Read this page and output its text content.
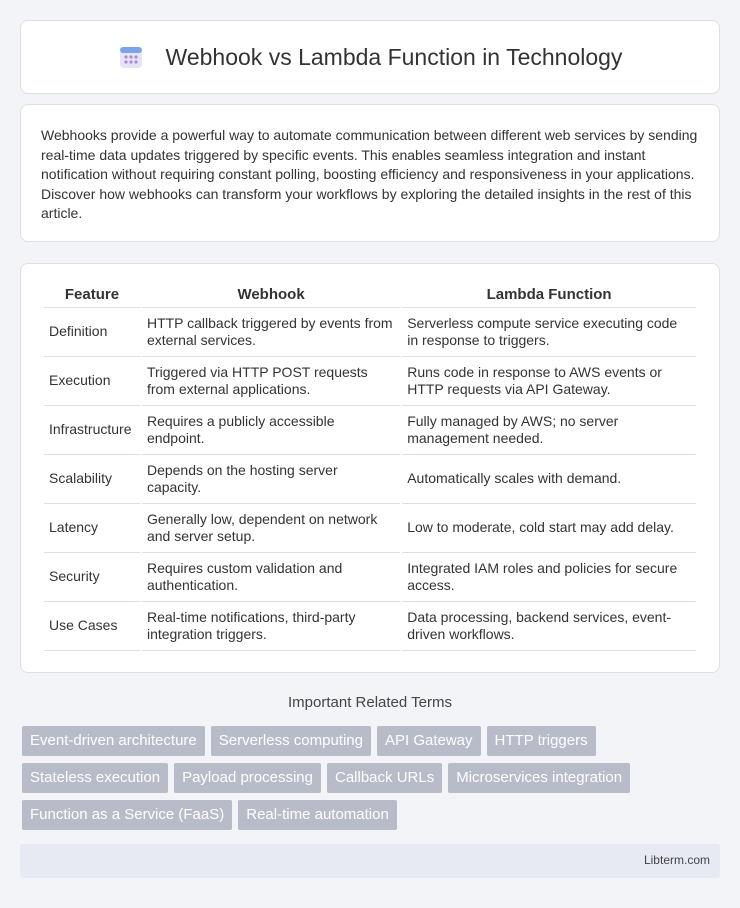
Webhook vs Lambda Function in Technology

Webhooks provide a powerful way to automate communication between different web services by sending real-time data updates triggered by specific events. This enables seamless integration and instant notification without requiring constant polling, boosting efficiency and responsiveness in your applications. Discover how webhooks can transform your workflows by exploring the detailed insights in the rest of this article.

Feature	Webhook	Lambda Function
Definition	HTTP callback triggered by events from external services.	Serverless compute service executing code in response to triggers.
Execution	Triggered via HTTP POST requests from external applications.	Runs code in response to AWS events or HTTP requests via API Gateway.
Infrastructure	Requires a publicly accessible endpoint.	Fully managed by AWS; no server management needed.
Scalability	Depends on the hosting server capacity.	Automatically scales with demand.
Latency	Generally low, dependent on network and server setup.	Low to moderate, cold start may add delay.
Security	Requires custom validation and authentication.	Integrated IAM roles and policies for secure access.
Use Cases	Real-time notifications, third-party integration triggers.	Data processing, backend services, event-driven workflows.
Important Related Terms
Event-driven architecture	Serverless computing	API Gateway	HTTP triggers
Stateless execution	Payload processing	Callback URLs	Microservices integration
Function as a Service (FaaS)	Real-time automation
Libterm.com
